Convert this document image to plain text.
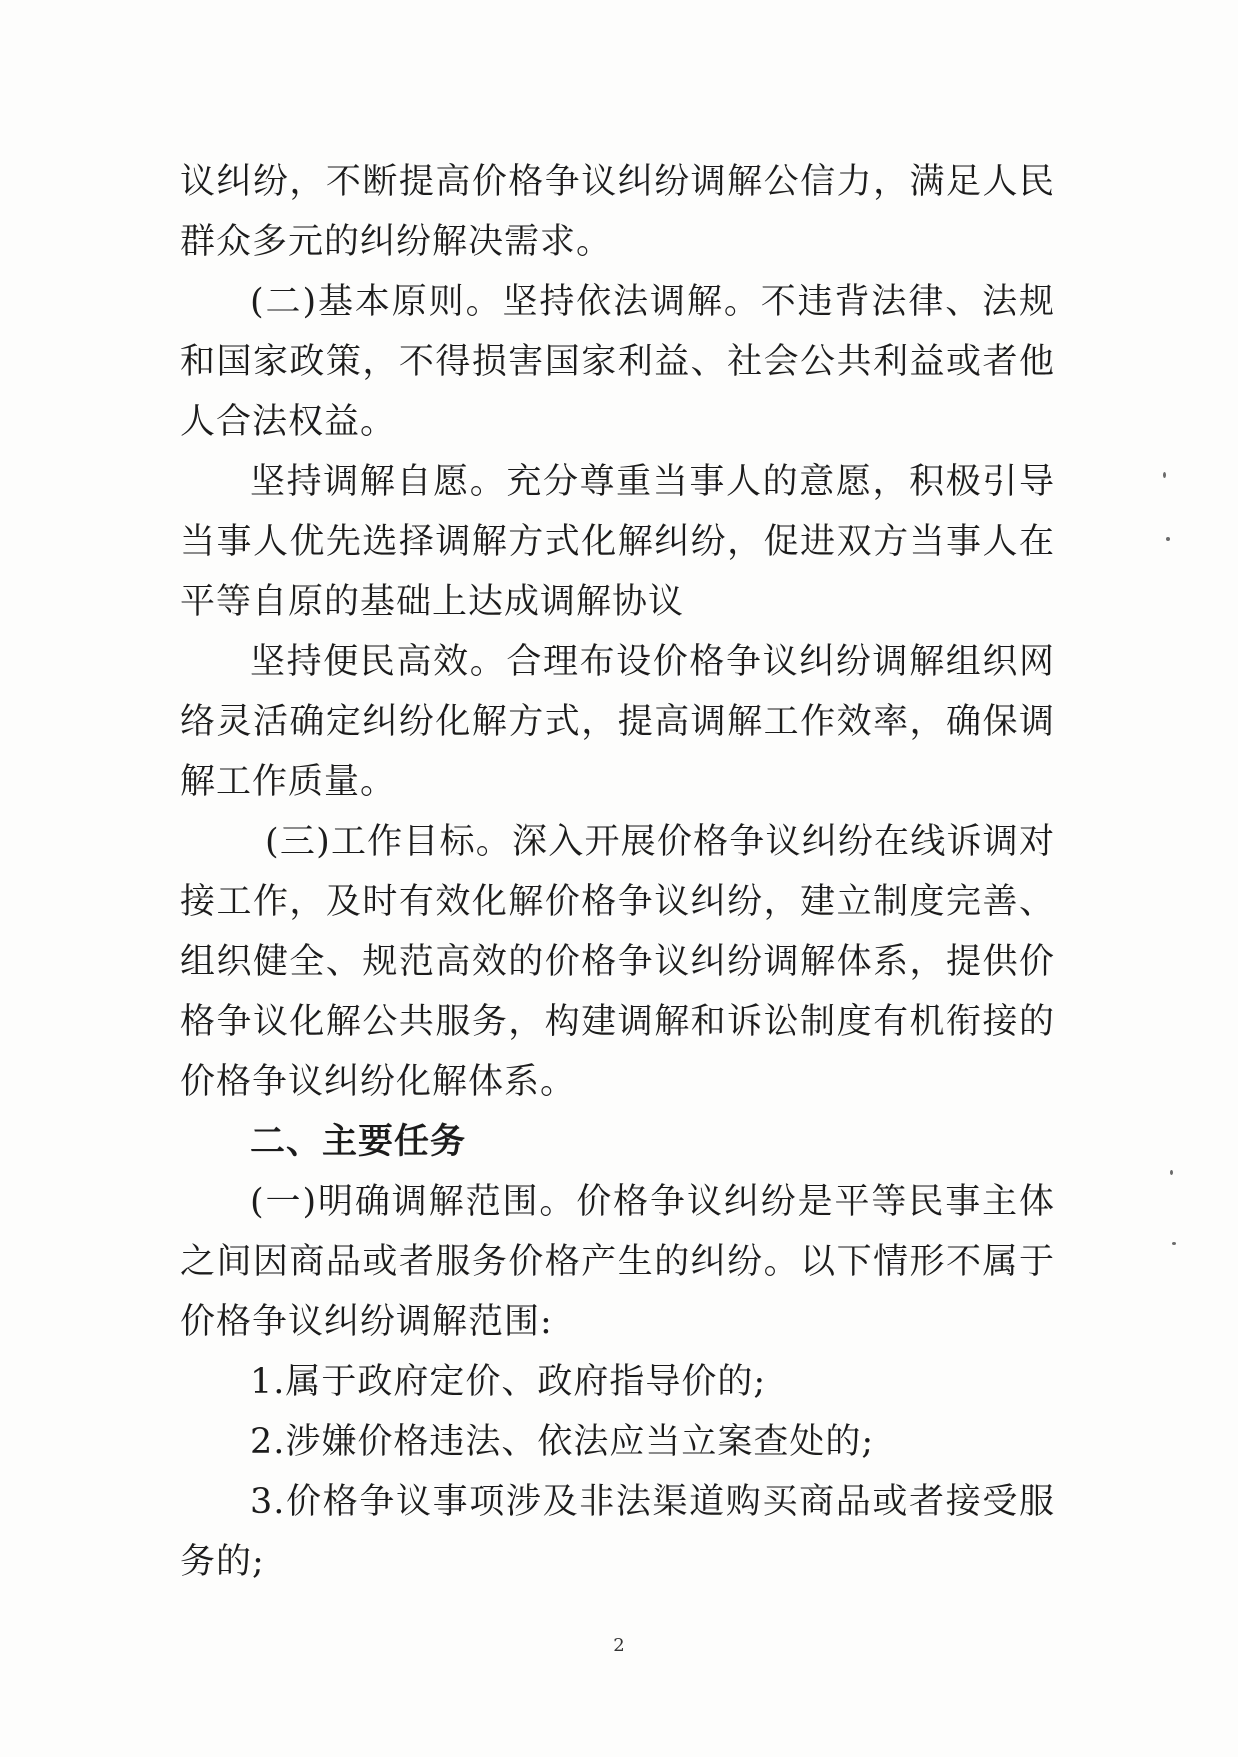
议纠纷，不断提高价格争议纠纷调解公信力，满足人民群众多元的纠纷解决需求。

(二)基本原则。坚持依法调解。不违背法律、法规和国家政策，不得损害国家利益、社会公共利益或者他人合法权益。

坚持调解自愿。充分尊重当事人的意愿，积极引导当事人优先选择调解方式化解纠纷，促进双方当事人在平等自原的基础上达成调解协议

坚持便民高效。合理布设价格争议纠纷调解组织网络灵活确定纠纷化解方式，提高调解工作效率，确保调解工作质量。

(三)工作目标。深入开展价格争议纠纷在线诉调对接工作，及时有效化解价格争议纠纷，建立制度完善、组织健全、规范高效的价格争议纠纷调解体系，提供价格争议化解公共服务，构建调解和诉讼制度有机衔接的价格争议纠纷化解体系。

二、主要任务

(一)明确调解范围。价格争议纠纷是平等民事主体之间因商品或者服务价格产生的纠纷。以下情形不属于价格争议纠纷调解范围:

1.属于政府定价、政府指导价的;

2.涉嫌价格违法、依法应当立案查处的;

3.价格争议事项涉及非法渠道购买商品或者接受服务的;

2
